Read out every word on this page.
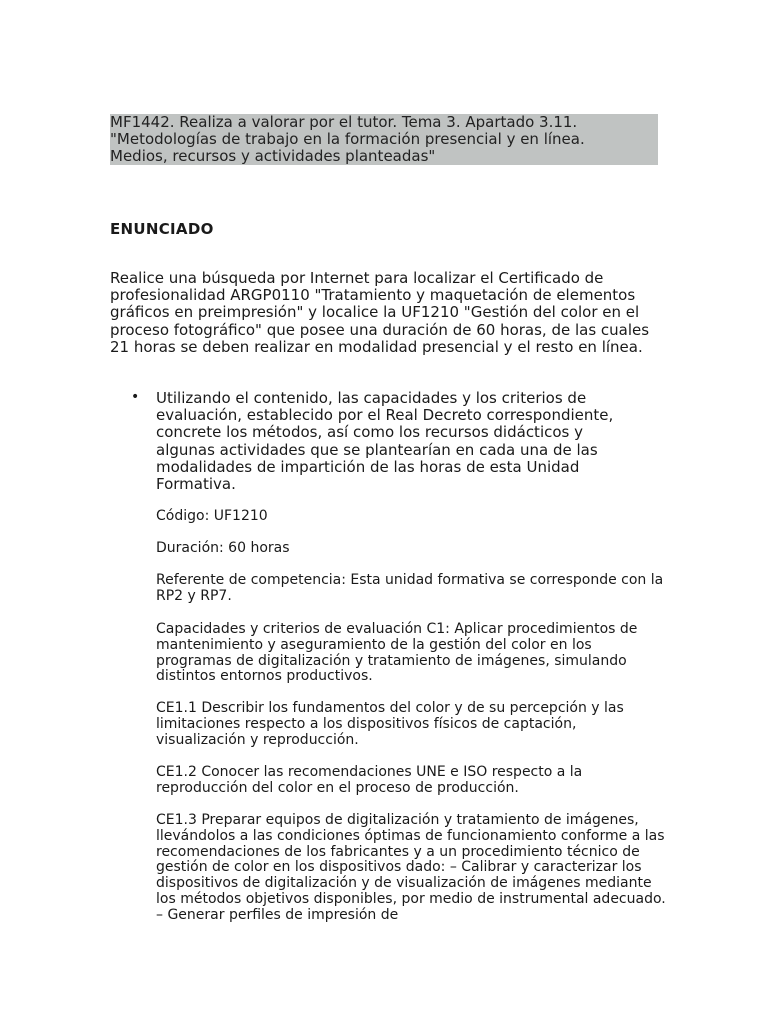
MF1442. Realiza a valorar por el tutor. Tema 3. Apartado 3.11.
"Metodologías de trabajo en la formación presencial y en línea.
Medios, recursos y actividades planteadas"
ENUNCIADO
Realice una búsqueda por Internet para localizar el Certificado de profesionalidad ARGP0110 "Tratamiento y maquetación de elementos gráficos en preimpresión" y localice la UF1210 "Gestión del color en el proceso fotográfico" que posee una duración de 60 horas, de las cuales 21 horas se deben realizar en modalidad presencial y el resto en línea.
• Utilizando el contenido, las capacidades y los criterios de evaluación, establecido por el Real Decreto correspondiente, concrete los métodos, así como los recursos didácticos y algunas actividades que se plantearían en cada una de las modalidades de impartición de las horas de esta Unidad Formativa.
Código: UF1210
Duración: 60 horas
Referente de competencia: Esta unidad formativa se corresponde con la RP2 y RP7.
Capacidades y criterios de evaluación C1: Aplicar procedimientos de mantenimiento y aseguramiento de la gestión del color en los programas de digitalización y tratamiento de imágenes, simulando distintos entornos productivos.
CE1.1 Describir los fundamentos del color y de su percepción y las limitaciones respecto a los dispositivos físicos de captación, visualización y reproducción.
CE1.2 Conocer las recomendaciones UNE e ISO respecto a la reproducción del color en el proceso de producción.
CE1.3 Preparar equipos de digitalización y tratamiento de imágenes, llevándolos a las condiciones óptimas de funcionamiento conforme a las recomendaciones de los fabricantes y a un procedimiento técnico de gestión de color en los dispositivos dado: – Calibrar y caracterizar los dispositivos de digitalización y de visualización de imágenes mediante los métodos objetivos disponibles, por medio de instrumental adecuado. – Generar perfiles de impresión de
